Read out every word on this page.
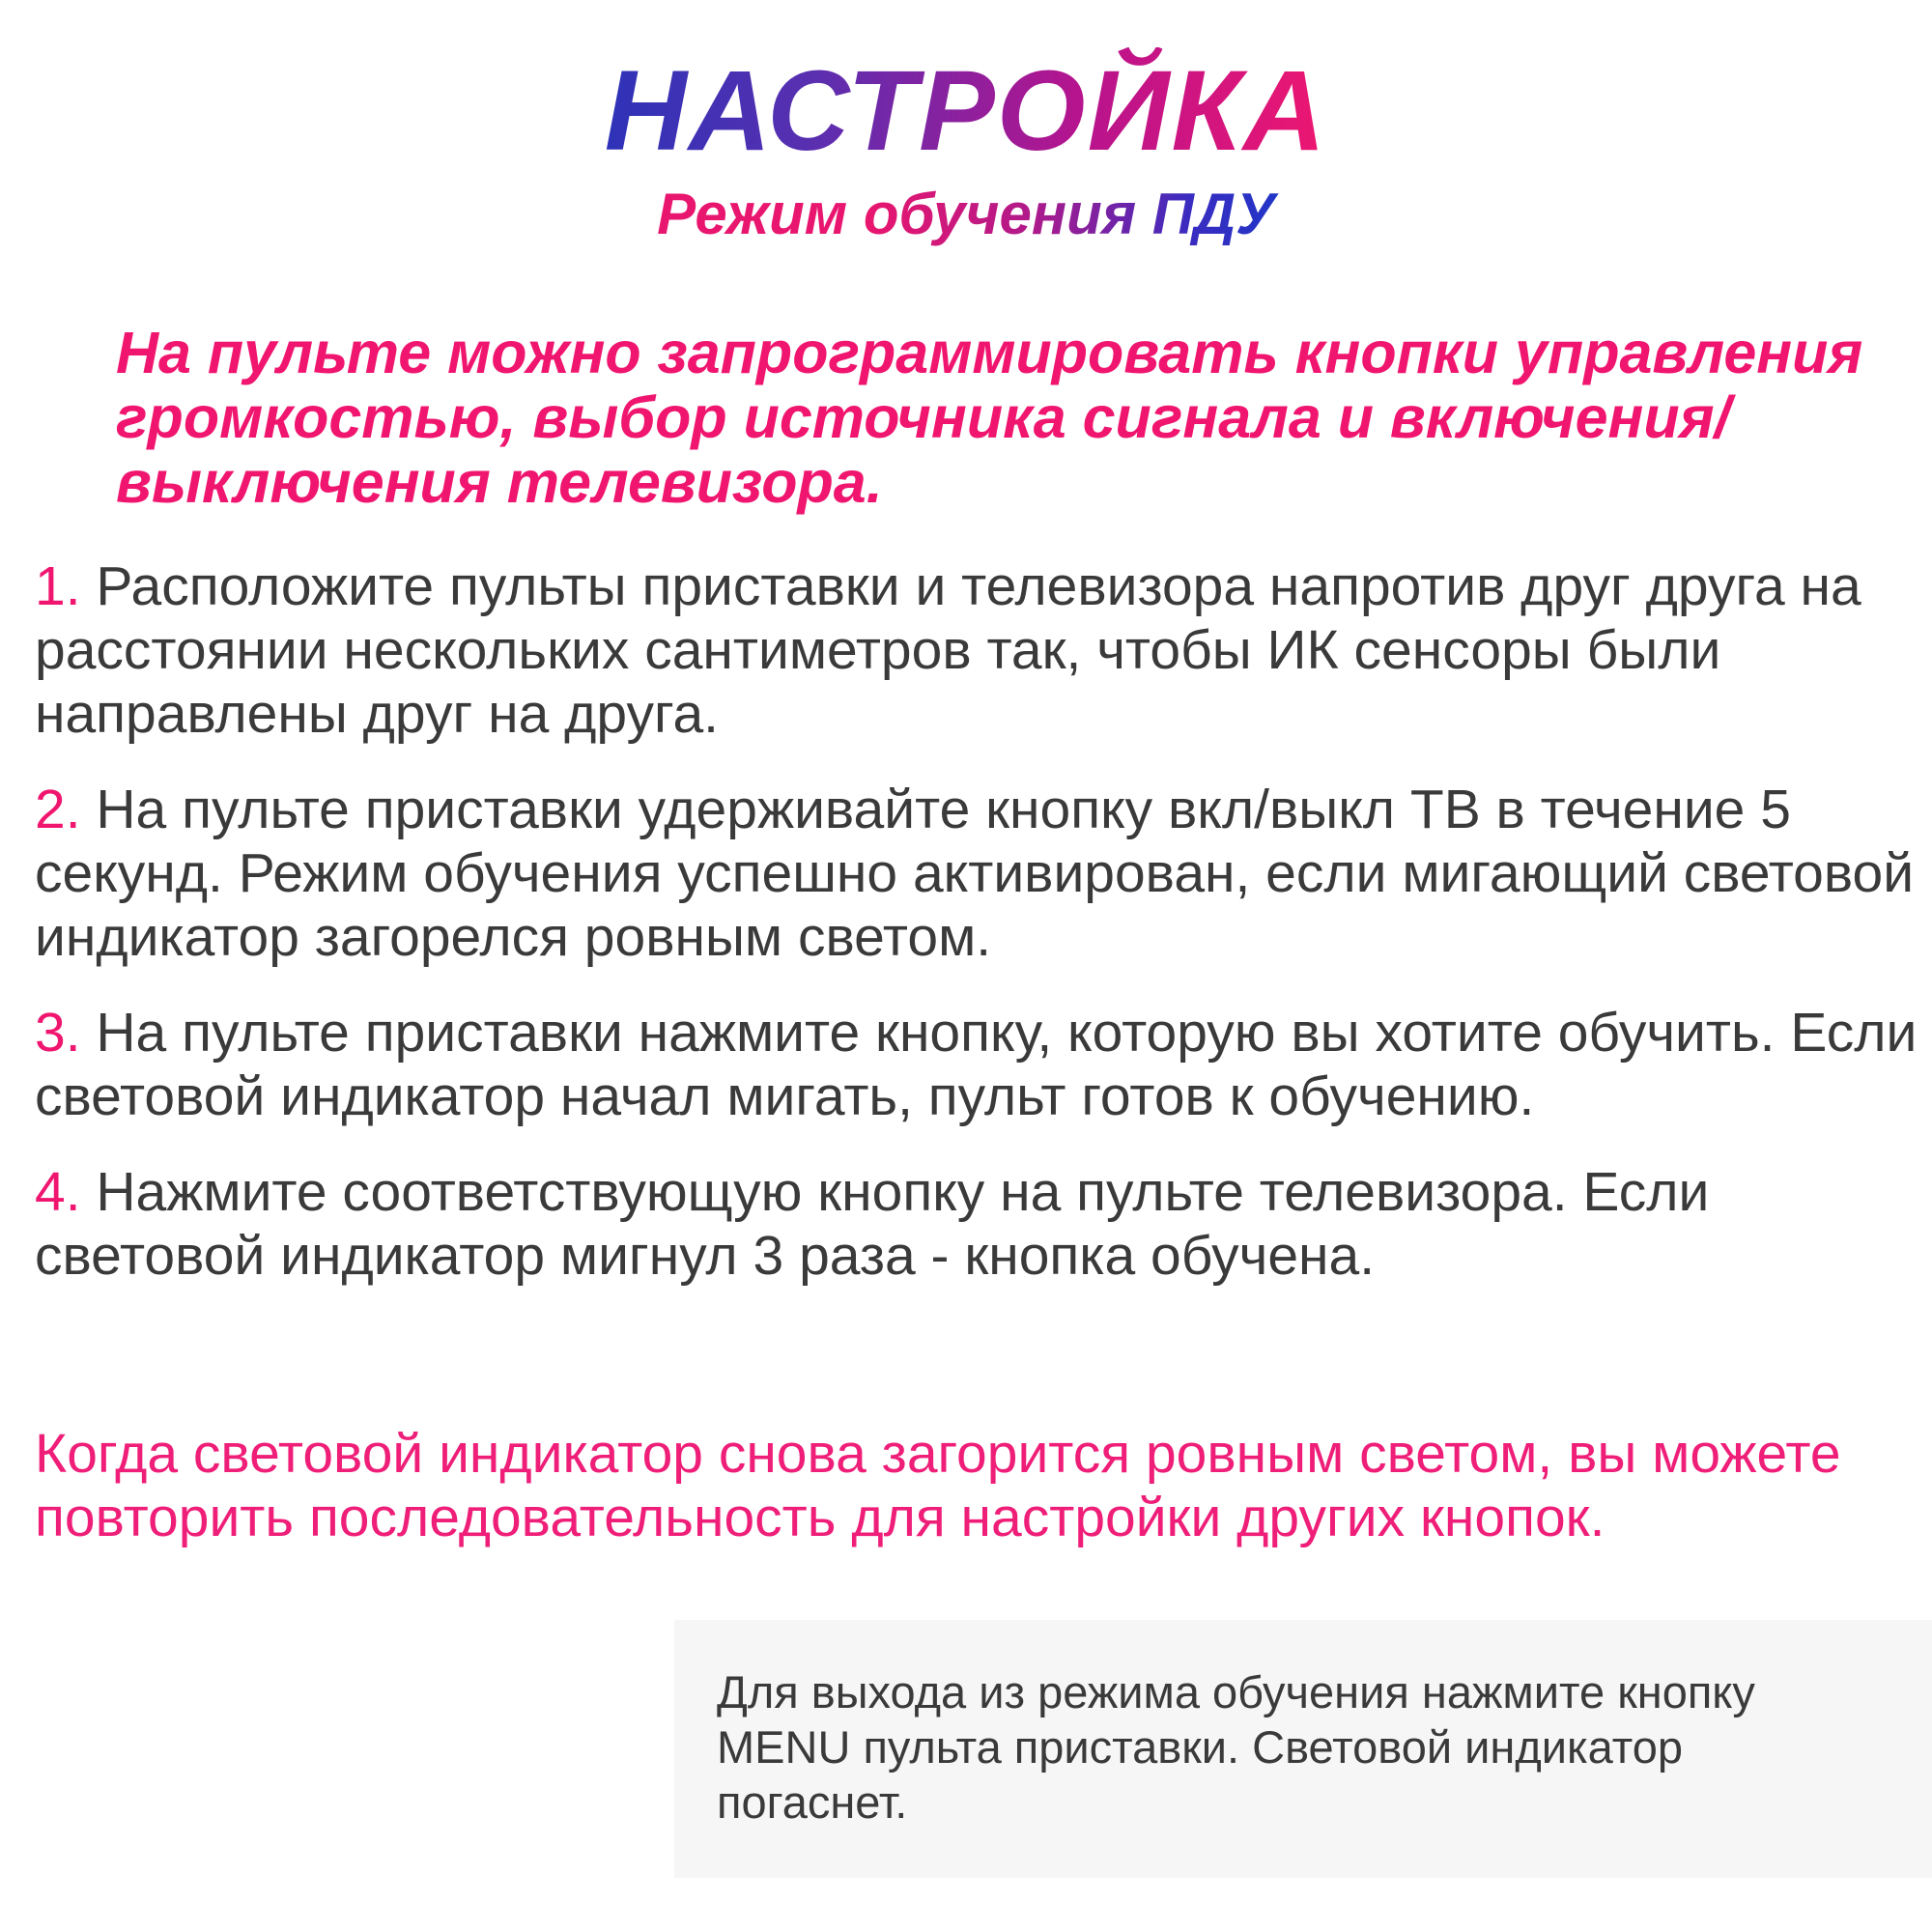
НАСТРОЙКА
Режим обучения ПДУ

На пульте можно запрограммировать кнопки управления громкостью, выбор источника сигнала и включения/ выключения телевизора.

1. Расположите пульты приставки и телевизора напротив друг друга на расстоянии нескольких сантиметров так, чтобы ИК сенсоры были направлены друг на друга.
2. На пульте приставки удерживайте кнопку вкл/выкл ТВ в течение 5 секунд. Режим обучения успешно активирован, если мигающий световой индикатор загорелся ровным светом.
3. На пульте приставки нажмите кнопку, которую вы хотите обучить. Если световой индикатор начал мигать, пульт готов к обучению.
4. Нажмите соответствующую кнопку на пульте телевизора. Если световой индикатор мигнул 3 раза - кнопка обучена.

Когда световой индикатор снова загорится ровным светом, вы можете повторить последовательность для настройки других кнопок.

Для выхода из режима обучения нажмите кнопку MENU пульта приставки. Световой индикатор погаснет.
